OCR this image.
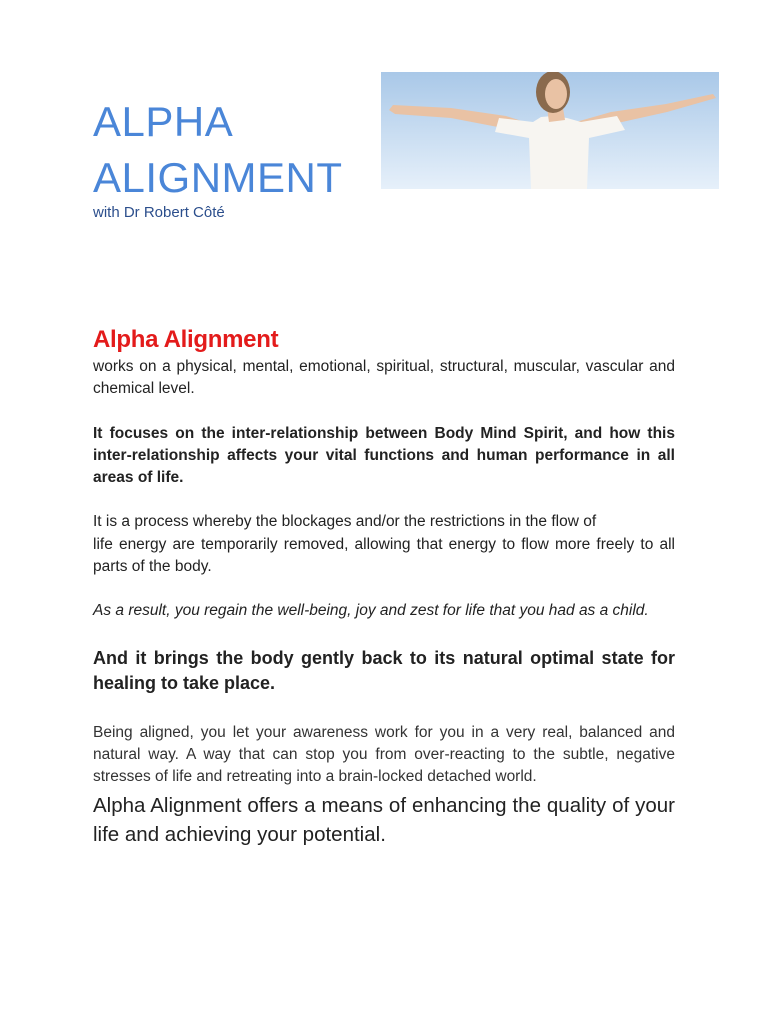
ALPHA
ALIGNMENT

with Dr Robert Côté

Alpha Alignment

works on a physical, mental, emotional, spiritual, structural, muscular, vascular and chemical level.

It focuses on the inter-relationship between Body Mind Spirit, and how this inter-relationship affects your vital functions and human performance in all areas of life.

It is a process whereby the blockages and/or the restrictions in the flow of

life energy are temporarily removed, allowing that energy to flow more freely to all parts of the body.

As a result, you regain the well-being, joy and zest for life that you had as a child.

And it brings the body gently back to its natural optimal state for healing to take place.

Being aligned, you let your awareness work for you in a very real, balanced and natural way. A way that can stop you from over-reacting to the subtle, negative stresses of life and retreating into a brain-locked detached world.

Alpha Alignment offers a means of enhancing the quality of your life and achieving your potential.
